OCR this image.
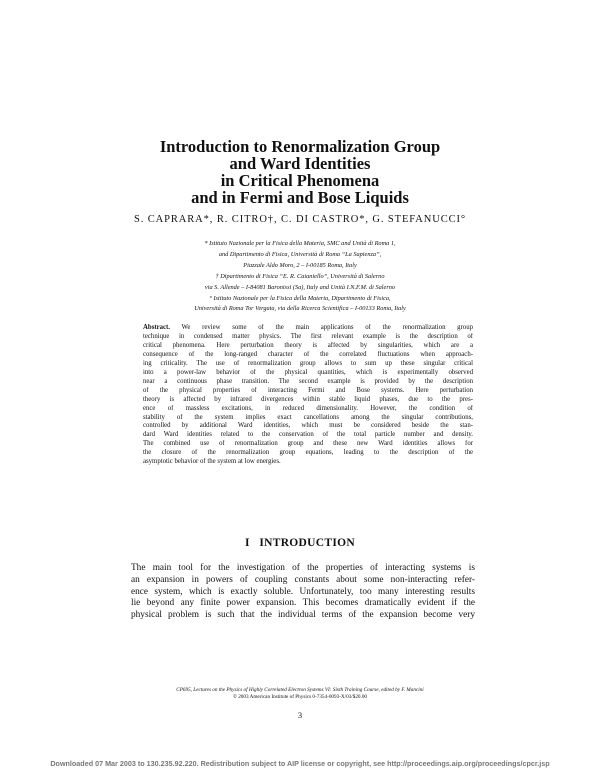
Introduction to Renormalization Group
and Ward Identities
in Critical Phenomena
and in Fermi and Bose Liquids
S. CAPRARA*, R. CITRO†, C. DI CASTRO*, G. STEFANUCCI°
* Istituto Nazionale per la Fisica della Materia, SMC and Unità di Roma 1,
and Dipartimento di Fisica, Università di Roma “La Sapienza”,
Piazzale Aldo Moro, 2 – I-00185 Roma, Italy
† Dipartimento di Fisica “E. R. Caianiello”, Università di Salerno
via S. Allende – I-84081 Baronissi (Sa), Italy and Unità I.N.F.M. di Salerno
° Istituto Nazionale per la Fisica della Materia, Dipartimento di Fisica,
Università di Roma Tor Vergata, via della Ricerca Scientifica – I-00133 Roma, Italy
Abstract. We review some of the main applications of the renormalization group
technique in condensed matter physics. The first relevant example is the description of
critical phenomena. Here perturbation theory is affected by singularities, which are a
consequence of the long-ranged character of the correlated fluctuations when approach-
ing criticality. The use of renormalization group allows to sum up these singular critical
into a power-law behavior of the physical quantities, which is experimentally observed
near a continuous phase transition. The second example is provided by the description
of the physical properties of interacting Fermi and Bose systems. Here perturbation
theory is affected by infrared divergences within stable liquid phases, due to the pres-
ence of massless excitations, in reduced dimensionality. However, the condition of
stability of the system implies exact cancellations among the singular contributions,
controlled by additional Ward identities, which must be considered beside the stan-
dard Ward identities related to the conservation of the total particle number and density.
The combined use of renormalization group and these new Ward identities allows for
the closure of the renormalization group equations, leading to the description of the
asymptotic behavior of the system at low energies.
I INTRODUCTION
The main tool for the investigation of the properties of interacting systems is
an expansion in powers of coupling constants about some non-interacting refer-
ence system, which is exactly soluble. Unfortunately, too many interesting results
lie beyond any finite power expansion. This becomes dramatically evident if the
physical problem is such that the individual terms of the expansion become very
CP695, Lectures on the Physics of Highly Correlated Electron Systems VI: Sixth Training Course, edited by F. Mancini
© 2003 American Institute of Physics 0-7354-0093-X/03/$20.00
3
Downloaded 07 Mar 2003 to 130.235.92.220. Redistribution subject to AIP license or copyright, see http://proceedings.aip.org/proceedings/cpcr.jsp
